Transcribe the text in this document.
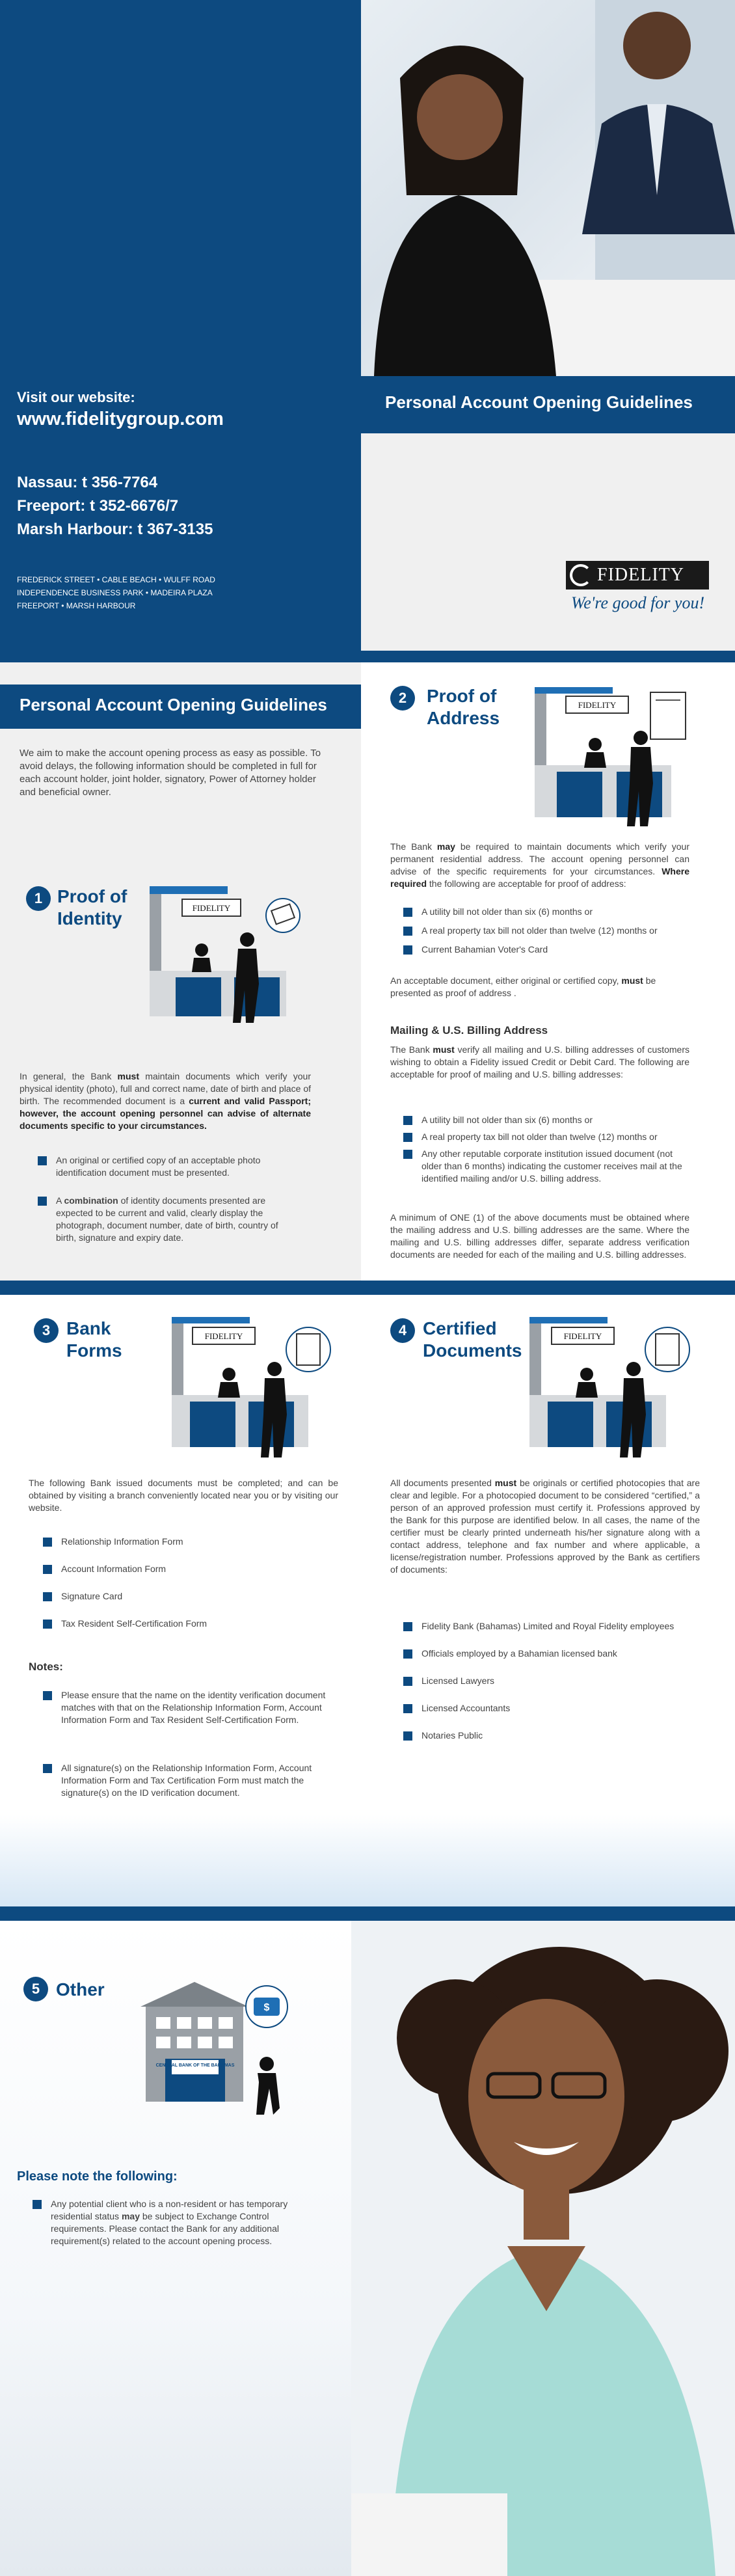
Visit our website:
www.fidelitygroup.com
Nassau: t 356-7764
Freeport: t 352-6676/7
Marsh Harbour: t 367-3135
FREDERICK STREET • CABLE BEACH • WULFF ROAD
INDEPENDENCE BUSINESS PARK • MADEIRA PLAZA
FREEPORT • MARSH HARBOUR
Personal Account Opening Guidelines
FIDELITY
We're good for you!
Personal Account Opening Guidelines
We aim to make the account opening process as easy as possible. To avoid delays, the following information should be completed in full for each account holder, joint holder, signatory, Power of Attorney holder and beneficial owner.
1 Proof of
Identity
FIDELITY
In general, the Bank must maintain documents which verify your physical identity (photo), full and correct name, date of birth and place of birth. The recommended document is a current and valid Passport; however, the account opening personnel can advise of alternate documents specific to your circumstances.
An original or certified copy of an acceptable photo identification document must be presented.
A combination of identity documents presented are expected to be current and valid, clearly display the photograph, document number, date of birth, country of birth, signature and expiry date.
2	Proof of
Address
FIDELITY
The Bank may be required to maintain documents which verify your permanent residential address. The account opening personnel can advise of the specific requirements for your circumstances. Where required the following are acceptable for proof of address:
A utility bill not older than six (6) months or
A real property tax bill not older than twelve (12) months or
Current Bahamian Voter's Card
An acceptable document, either original or certified copy, must be presented as proof of address .
Mailing & U.S. Billing Address
The Bank must verify all mailing and U.S. billing addresses of customers wishing to obtain a Fidelity issued Credit or Debit Card. The following are acceptable for proof of mailing and U.S. billing addresses:
A utility bill not older than six (6) months or
A real property tax bill not older than twelve (12) months or
Any other reputable corporate institution issued document (not older than 6 months) indicating the customer receives mail at the identified mailing and/or U.S. billing address.
A minimum of ONE (1) of the above documents must be obtained where the mailing address and U.S. billing addresses are the same. Where the mailing and U.S. billing addresses differ, separate address verification documents are needed for each of the mailing and U.S. billing addresses.
3 Bank
Forms
FIDELITY
The following Bank issued documents must be completed; and can be obtained by visiting a branch conveniently located near you or by visiting our website.
Relationship Information Form
Account Information Form
Signature Card
Tax Resident Self-Certification Form
Notes:
Please ensure that the name on the identity verification document matches with that on the Relationship Information Form, Account Information Form and Tax Resident Self-Certification Form.
All signature(s) on the Relationship Information Form, Account Information Form and Tax Certification Form must match the signature(s) on the ID verification document.
4 Certified
Documents
FIDELITY
All documents presented must be originals or certified photocopies that are clear and legible. For a photocopied document to be considered “certified,” a person of an approved profession must certify it. Professions approved by the Bank for this purpose are identified below. In all cases, the name of the certifier must be clearly printed underneath his/her signature along with a contact address, telephone and fax number and where applicable, a license/registration number. Professions approved by the Bank as certifiers of documents:
Fidelity Bank (Bahamas) Limited and Royal Fidelity employees
Officials employed by a Bahamian licensed bank
Licensed Lawyers
Licensed Accountants
Notaries Public
5 Other
CENTRAL BANK OF THE BAHAMAS
$
Please note the following:
Any potential client who is a non-resident or has temporary residential status may be subject to Exchange Control requirements. Please contact the Bank for any additional requirement(s) related to the account opening process.
